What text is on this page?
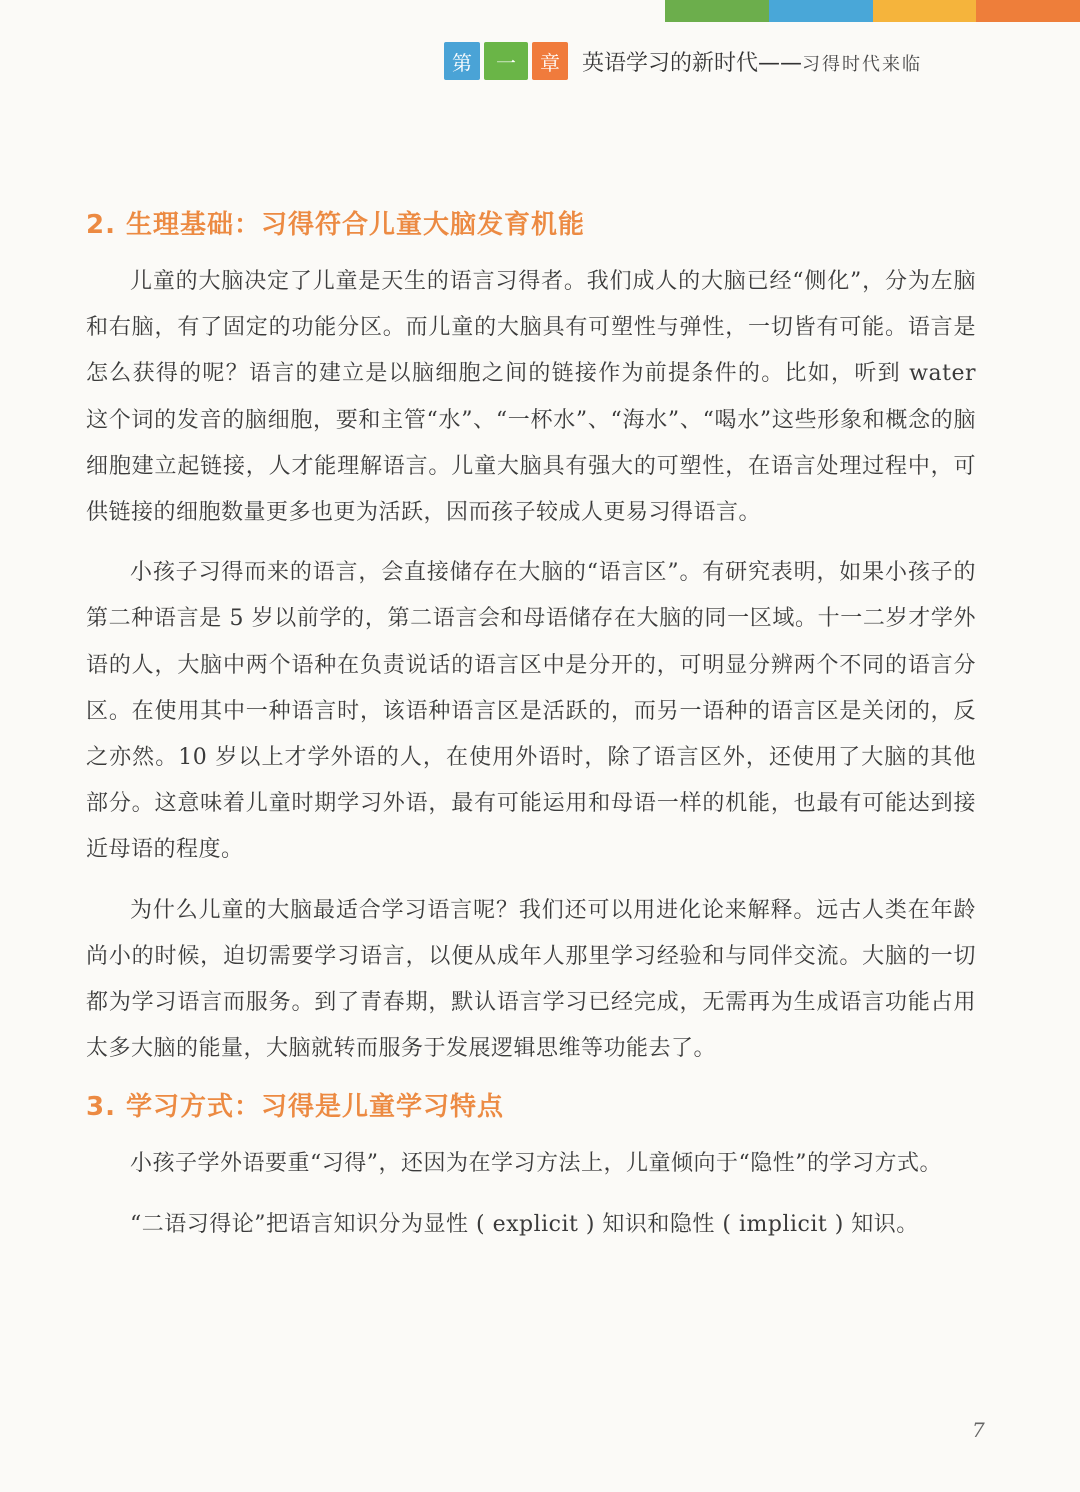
第	一	章	英语学习的新时代——习得时代来临
2. 生理基础：习得符合儿童大脑发育机能

儿童的大脑决定了儿童是天生的语言习得者。我们成人的大脑已经“侧化”，分为左脑和右脑，有了固定的功能分区。而儿童的大脑具有可塑性与弹性，一切皆有可能。语言是怎么获得的呢？语言的建立是以脑细胞之间的链接作为前提条件的。比如，听到 water 这个词的发音的脑细胞，要和主管“水”、“一杯水”、“海水”、“喝水”这些形象和概念的脑细胞建立起链接，人才能理解语言。儿童大脑具有强大的可塑性，在语言处理过程中，可供链接的细胞数量更多也更为活跃，因而孩子较成人更易习得语言。

小孩子习得而来的语言，会直接储存在大脑的“语言区”。有研究表明，如果小孩子的第二种语言是 5 岁以前学的，第二语言会和母语储存在大脑的同一区域。十一二岁才学外语的人，大脑中两个语种在负责说话的语言区中是分开的，可明显分辨两个不同的语言分区。在使用其中一种语言时，该语种语言区是活跃的，而另一语种的语言区是关闭的，反之亦然。10 岁以上才学外语的人，在使用外语时，除了语言区外，还使用了大脑的其他部分。这意味着儿童时期学习外语，最有可能运用和母语一样的机能，也最有可能达到接近母语的程度。

为什么儿童的大脑最适合学习语言呢？我们还可以用进化论来解释。远古人类在年龄尚小的时候，迫切需要学习语言，以便从成年人那里学习经验和与同伴交流。大脑的一切都为学习语言而服务。到了青春期，默认语言学习已经完成，无需再为生成语言功能占用太多大脑的能量，大脑就转而服务于发展逻辑思维等功能去了。

3. 学习方式：习得是儿童学习特点

小孩子学外语要重“习得”，还因为在学习方法上，儿童倾向于“隐性”的学习方式。

“二语习得论”把语言知识分为显性 ( explicit ) 知识和隐性 ( implicit ) 知识。

7
